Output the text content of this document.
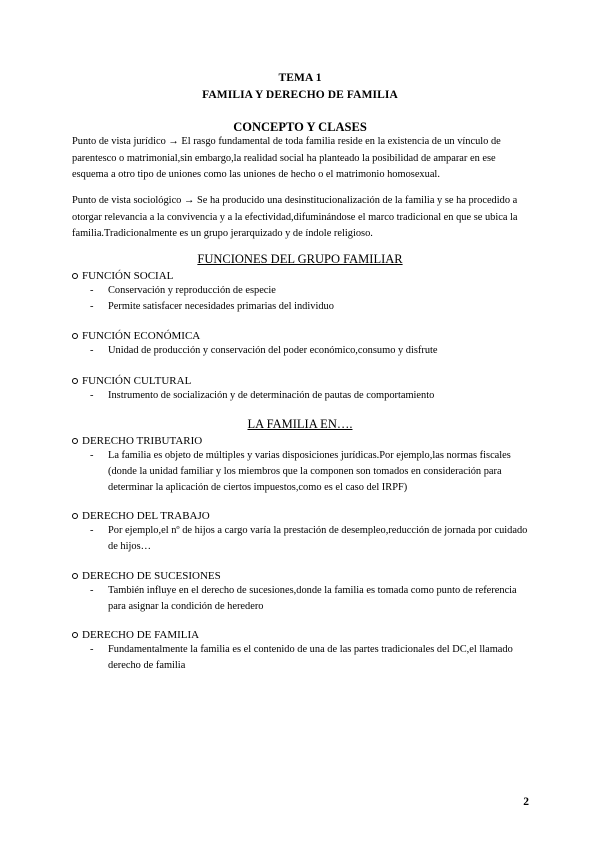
TEMA 1
FAMILIA Y DERECHO DE FAMILIA
CONCEPTO Y CLASES
Punto de vista jurídico → El rasgo fundamental de toda familia reside en la existencia de un vínculo de parentesco o matrimonial,sin embargo,la realidad social ha planteado la posibilidad de amparar en ese esquema a otro tipo de uniones como las uniones de hecho o el matrimonio homosexual.
Punto de vista sociológico → Se ha producido una desinstitucionalización de la familia y se ha procedido a otorgar relevancia a la convivencia y a la efectividad,difuminándose el marco tradicional en que se ubica la familia.Tradicionalmente es un grupo jerarquizado y de índole religioso.
FUNCIONES DEL GRUPO FAMILIAR
FUNCIÓN SOCIAL
- Conservación y reproducción de especie
- Permite satisfacer necesidades primarias del individuo
FUNCIÓN ECONÓMICA
- Unidad de producción y conservación del poder económico,consumo y disfrute
FUNCIÓN CULTURAL
- Instrumento de socialización y de determinación de pautas de comportamiento
LA FAMILIA EN….
DERECHO TRIBUTARIO
- La familia es objeto de múltiples y varias disposiciones jurídicas.Por ejemplo,las normas fiscales (donde la unidad familiar y los miembros que la componen son tomados en consideración para determinar la aplicación de ciertos impuestos,como es el caso del IRPF)
DERECHO DEL TRABAJO
- Por ejemplo,el nº de hijos a cargo varía la prestación de desempleo,reducción de jornada por cuidado de hijos…
DERECHO DE SUCESIONES
- También influye en el derecho de sucesiones,donde la familia es tomada como punto de referencia para asignar la condición de heredero
DERECHO DE FAMILIA
- Fundamentalmente la familia es el contenido de una de las partes tradicionales del DC,el llamado derecho de familia
2
